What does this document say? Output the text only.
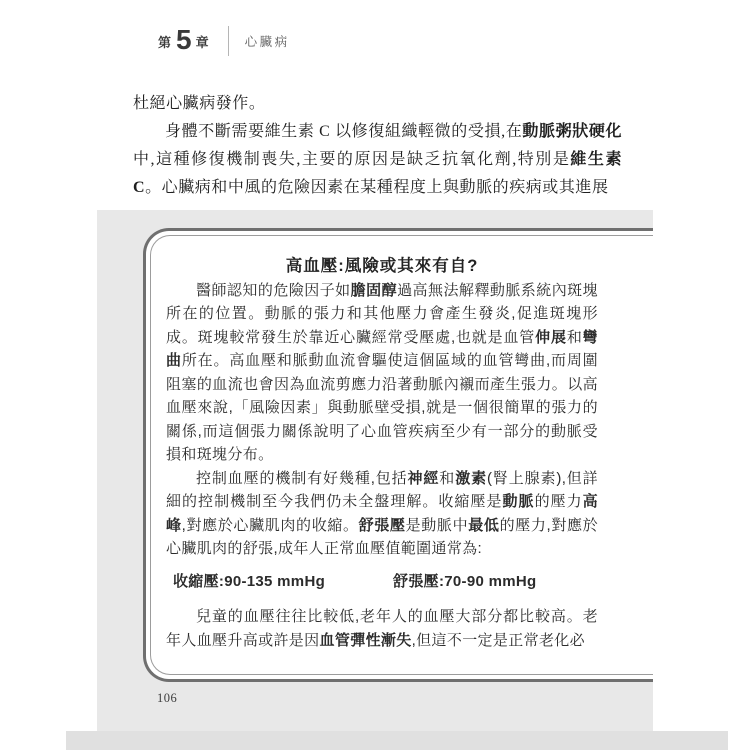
第 5 章	心臟病

杜絕心臟病發作。

身體不斷需要維生素 C 以修復組織輕微的受損,在動脈粥狀硬化中,這種修復機制喪失,主要的原因是缺乏抗氧化劑,特別是維生素 C。心臟病和中風的危險因素在某種程度上與動脈的疾病或其進展

高血壓:風險或其來有自?

醫師認知的危險因子如膽固醇過高無法解釋動脈系統內斑塊所在的位置。動脈的張力和其他壓力會產生發炎,促進斑塊形成。斑塊較常發生於靠近心臟經常受壓處,也就是血管伸展和彎曲所在。高血壓和脈動血流會驅使這個區域的血管彎曲,而周圍阻塞的血流也會因為血流剪應力沿著動脈內襯而產生張力。以高血壓來說,「風險因素」與動脈壁受損,就是一個很簡單的張力的關係,而這個張力關係說明了心血管疾病至少有一部分的動脈受損和斑塊分布。

控制血壓的機制有好幾種,包括神經和激素(腎上腺素),但詳細的控制機制至今我們仍未全盤理解。收縮壓是動脈的壓力高峰,對應於心臟肌肉的收縮。舒張壓是動脈中最低的壓力,對應於心臟肌肉的舒張,成年人正常血壓值範圍通常為:

收縮壓:90-135 mmHg	舒張壓:70-90 mmHg

兒童的血壓往往比較低,老年人的血壓大部分都比較高。老年人血壓升高或許是因血管彈性漸失,但這不一定是正常老化必

106
